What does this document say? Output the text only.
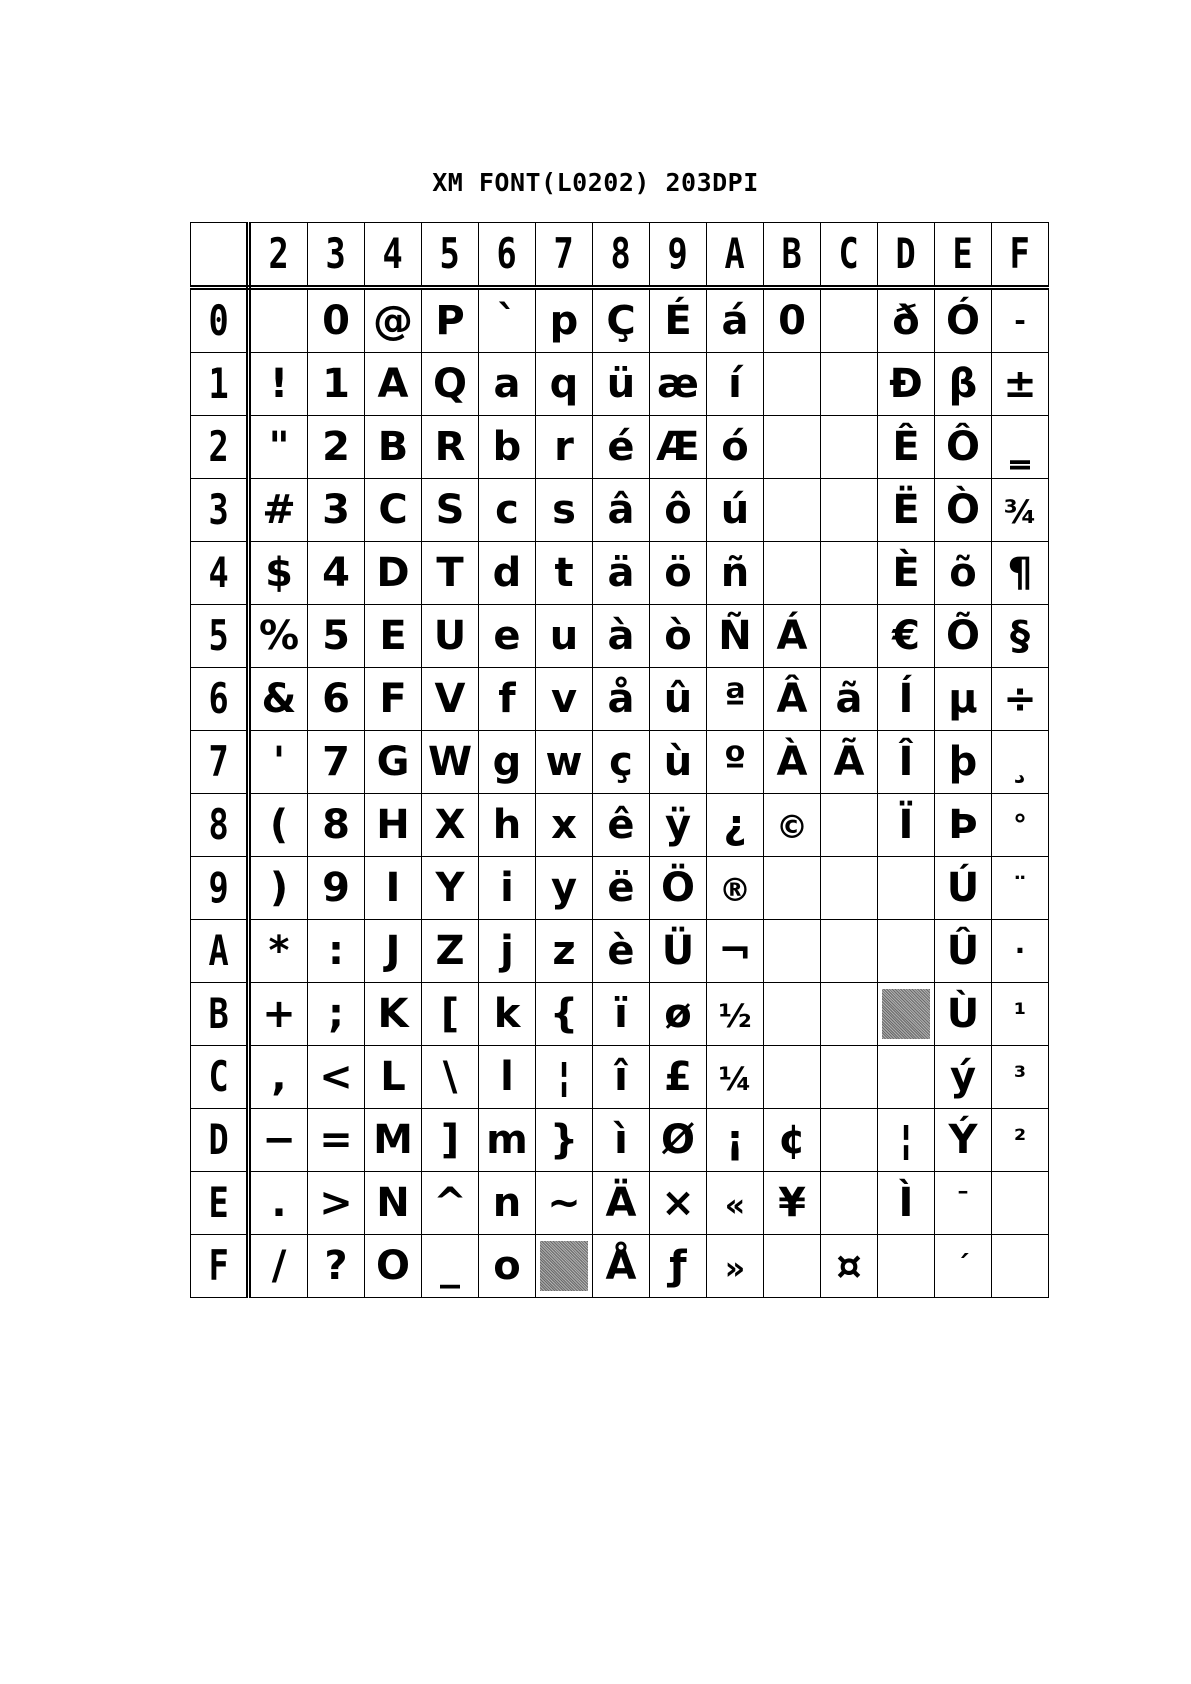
XM FONT(L0202) 203DPI
	2	3	4	5	6	7	8	9	A	B	C	D	E	F
0		0	@	P	`	p	Ç	É	á	0		ð	Ó	-
1	!	1	A	Q	a	q	ü	æ	í			Ð	β	±
2	"	2	B	R	b	r	é	Æ	ó			Ê	Ô	‗
3	#	3	C	S	c	s	â	ô	ú			Ë	Ò	¾
4	$	4	D	T	d	t	ä	ö	ñ			È	õ	¶
5	%	5	E	U	e	u	à	ò	Ñ	Á		€	Õ	§
6	&	6	F	V	f	v	å	û	ª	Â	ã	Í	µ	÷
7	'	7	G	W	g	w	ç	ù	º	À	Ã	Î	þ	¸
8	(	8	H	X	h	x	ê	ÿ	¿	©		Ï	Þ	°
9	)	9	I	Y	i	y	ë	Ö	®				Ú	¨
A	*	:	J	Z	j	z	è	Ü	¬				Û	·
B	+	;	K	[	k	{	ï	ø	½				Ù	$^{^1}$
C	,	<	L	\	l	¦	î	£	¼				ý	$^{^3}$
D	−	=	M	]	m	}	ì	Ø	¡	¢		¦	Ý	$^{^2}$
E	.	>	N	^	n	~	Ä	×	«	¥		Ì	¯	
F	/	?	O	_	o		Å	ƒ	»		¤		´	
